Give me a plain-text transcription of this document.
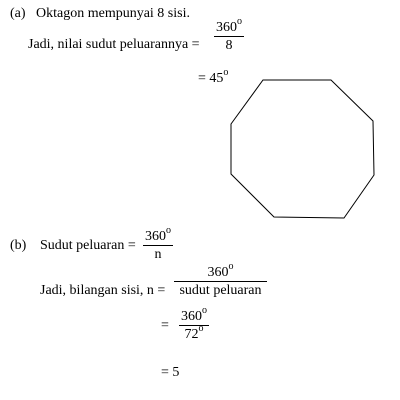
(a) Oktagon mempunyai 8 sisi.
Jadi, nilai sudut peluarannya =
$360^o$
8
= $45^o$
(b) Sudut peluaran =
$360^o$
n
Jadi, bilangan sisi, n =
$360^o$
sudut peluaran
=
$360^o$
$72^o$
= 5
